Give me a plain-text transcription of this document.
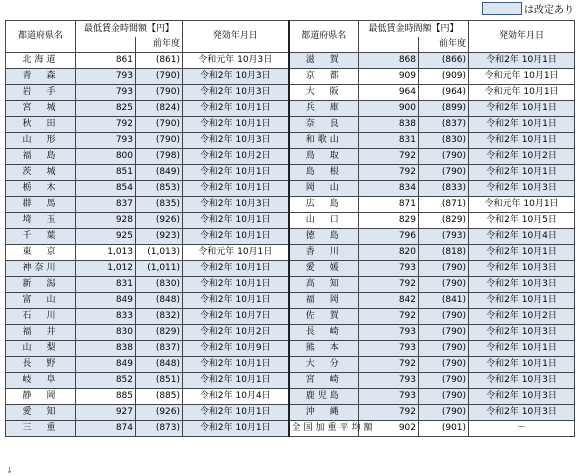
は改定あり
都道府県名	最低賃金時間額【円】		発効年月日	都道府県名	最低賃金時間額【円】		発効年月日
		前年度				前年度	
北海道	861	(861)	令和元年 10月3日	滋　賀	868	(866)	令和2年 10月1日
青　森	793	(790)	令和2年 10月3日	京　都	909	(909)	令和元年 10月1日
岩　手	793	(790)	令和2年 10月3日	大　阪	964	(964)	令和元年 10月1日
宮　城	825	(824)	令和2年 10月1日	兵　庫	900	(899)	令和2年 10月1日
秋　田	792	(790)	令和2年 10月1日	奈　良	838	(837)	令和2年 10月1日
山　形	793	(790)	令和2年 10月3日	和歌山	831	(830)	令和2年 10月1日
福　島	800	(798)	令和2年 10月2日	鳥　取	792	(790)	令和2年 10月2日
茨　城	851	(849)	令和2年 10月1日	島　根	792	(790)	令和2年 10月1日
栃　木	854	(853)	令和2年 10月1日	岡　山	834	(833)	令和2年 10月3日
群　馬	837	(835)	令和2年 10月3日	広　島	871	(871)	令和元年 10月1日
埼　玉	928	(926)	令和2年 10月1日	山　口	829	(829)	令和2年 10月5日
千　葉	925	(923)	令和2年 10月1日	徳　島	796	(793)	令和2年 10月4日
東　京	1,013	(1,013)	令和元年 10月1日	香　川	820	(818)	令和2年 10月1日
神奈川	1,012	(1,011)	令和2年 10月1日	愛　媛	793	(790)	令和2年 10月3日
新　潟	831	(830)	令和2年 10月1日	高　知	792	(790)	令和2年 10月3日
富　山	849	(848)	令和2年 10月1日	福　岡	842	(841)	令和2年 10月1日
石　川	833	(832)	令和2年 10月7日	佐　賀	792	(790)	令和2年 10月2日
福　井	830	(829)	令和2年 10月2日	長　崎	793	(790)	令和2年 10月3日
山　梨	838	(837)	令和2年 10月9日	熊　本	793	(790)	令和2年 10月1日
長　野	849	(848)	令和2年 10月1日	大　分	792	(790)	令和2年 10月1日
岐　阜	852	(851)	令和2年 10月1日	宮　崎	793	(790)	令和2年 10月3日
静　岡	885	(885)	令和2年 10月4日	鹿児島	793	(790)	令和2年 10月3日
愛　知	927	(926)	令和2年 10月1日	沖　縄	792	(790)	令和2年 10月3日
三　重	874	(873)	令和2年 10月1日	全国加重平均額	902	(901)	－
↓
